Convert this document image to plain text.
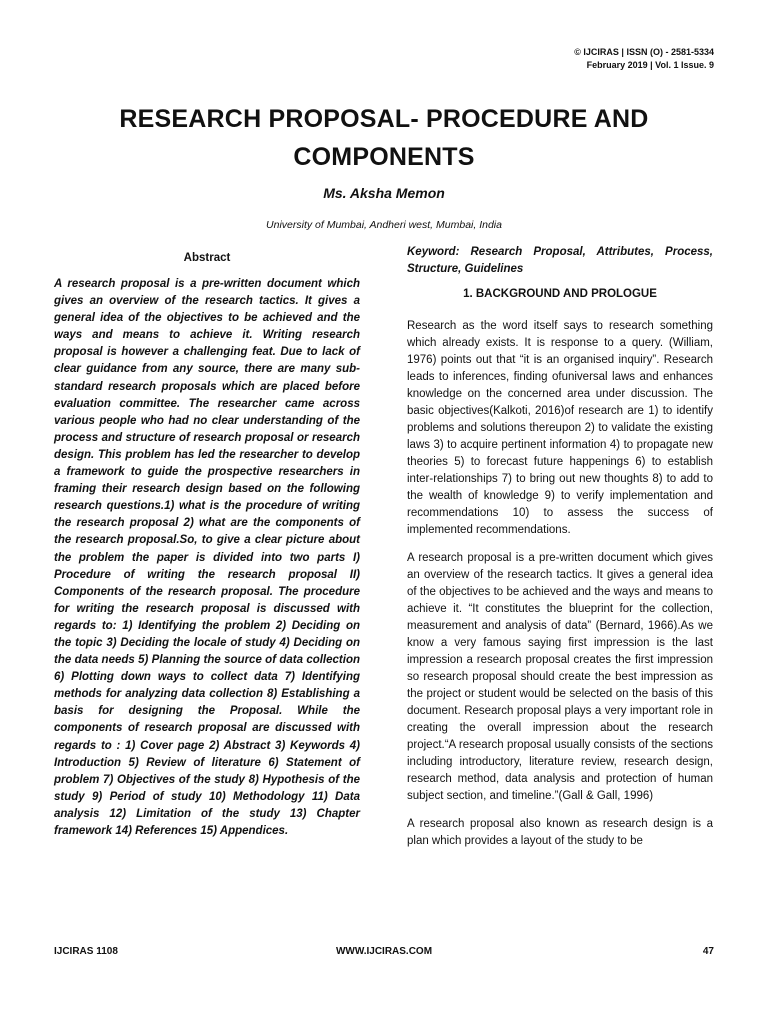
© IJCIRAS | ISSN (O) - 2581-5334
February 2019 | Vol. 1 Issue. 9
RESEARCH PROPOSAL- PROCEDURE AND COMPONENTS
Ms. Aksha Memon
University of Mumbai, Andheri west, Mumbai, India
Abstract

A research proposal is a pre-written document which gives an overview of the research tactics. It gives a general idea of the objectives to be achieved and the ways and means to achieve it. Writing research proposal is however a challenging feat. Due to lack of clear guidance from any source, there are many sub-standard research proposals which are placed before evaluation committee. The researcher came across various people who had no clear understanding of the process and structure of research proposal or research design. This problem has led the researcher to develop a framework to guide the prospective researchers in framing their research design based on the following research questions.1) what is the procedure of writing the research proposal 2) what are the components of the research proposal.So, to give a clear picture about the problem the paper is divided into two parts I) Procedure of writing the research proposal II) Components of the research proposal. The procedure for writing the research proposal is discussed with regards to: 1) Identifying the problem 2) Deciding on the topic 3) Deciding the locale of study 4) Deciding on the data needs 5) Planning the source of data collection 6) Plotting down ways to collect data 7) Identifying methods for analyzing data collection 8) Establishing a basis for designing the Proposal. While the components of research proposal are discussed with regards to : 1) Cover page 2) Abstract 3) Keywords 4) Introduction 5) Review of literature 6) Statement of problem 7) Objectives of the study 8) Hypothesis of the study 9) Period of study 10) Methodology 11) Data analysis 12) Limitation of the study 13) Chapter framework 14) References 15) Appendices.

Keyword: Research Proposal, Attributes, Process, Structure, Guidelines

1. BACKGROUND AND PROLOGUE

Research as the word itself says to research something which already exists. It is response to a query. (William, 1976) points out that “it is an organised inquiry”. Research leads to inferences, finding ofuniversal laws and enhances knowledge on the concerned area under discussion. The basic objectives(Kalkoti, 2016)of research are 1) to identify problems and solutions thereupon 2) to validate the existing laws 3) to acquire pertinent information 4) to propagate new theories 5) to forecast future happenings 6) to establish inter-relationships 7) to bring out new thoughts 8) to add to the wealth of knowledge 9) to verify implementation and recommendations 10) to assess the success of implemented recommendations.

A research proposal is a pre-written document which gives an overview of the research tactics. It gives a general idea of the objectives to be achieved and the ways and means to achieve it. “It constitutes the blueprint for the collection, measurement and analysis of data” (Bernard, 1966).As we know a very famous saying first impression is the last impression a research proposal creates the first impression so research proposal should create the best impression as the project or student would be selected on the basis of this document. Research proposal plays a very important role in creating the overall impression about the research project.“A research proposal usually consists of the sections including introductory, literature review, research design, research method, data analysis and protection of human subject section, and timeline.”(Gall & Gall, 1996)

A research proposal also known as research design is a plan which provides a layout of the study to be

IJCIRAS 1108	WWW.IJCIRAS.COM	47
